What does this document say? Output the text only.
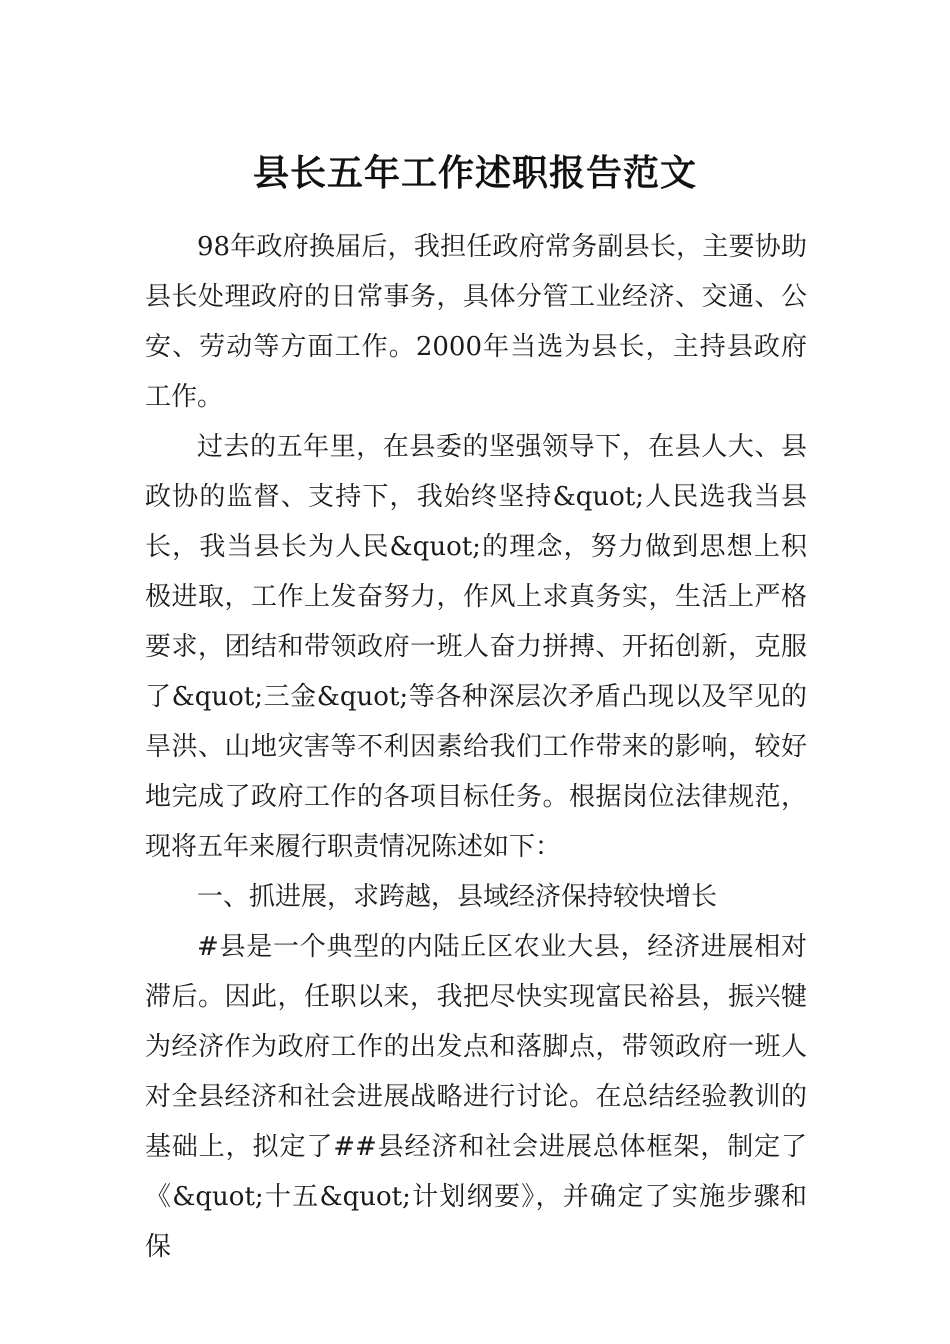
县长五年工作述职报告范文

98年政府换届后，我担任政府常务副县长，主要协助县长处理政府的日常事务，具体分管工业经济、交通、公安、劳动等方面工作。2000年当选为县长，主持县政府工作。

过去的五年里，在县委的坚强领导下，在县人大、县政协的监督、支持下，我始终坚持&quot;人民选我当县长，我当县长为人民&quot;的理念，努力做到思想上积极进取，工作上发奋努力，作风上求真务实，生活上严格要求，团结和带领政府一班人奋力拼搏、开拓创新，克服了&quot;三金&quot;等各种深层次矛盾凸现以及罕见的旱洪、山地灾害等不利因素给我们工作带来的影响，较好地完成了政府工作的各项目标任务。根据岗位法律规范，现将五年来履行职责情况陈述如下：

一、抓进展，求跨越，县域经济保持较快增长

#县是一个典型的内陆丘区农业大县，经济进展相对滞后。因此，任职以来，我把尽快实现富民裕县，振兴犍为经济作为政府工作的出发点和落脚点，带领政府一班人对全县经济和社会进展战略进行讨论。在总结经验教训的基础上，拟定了##县经济和社会进展总体框架，制定了《&quot;十五&quot;计划纲要》，并确定了实施步骤和保
